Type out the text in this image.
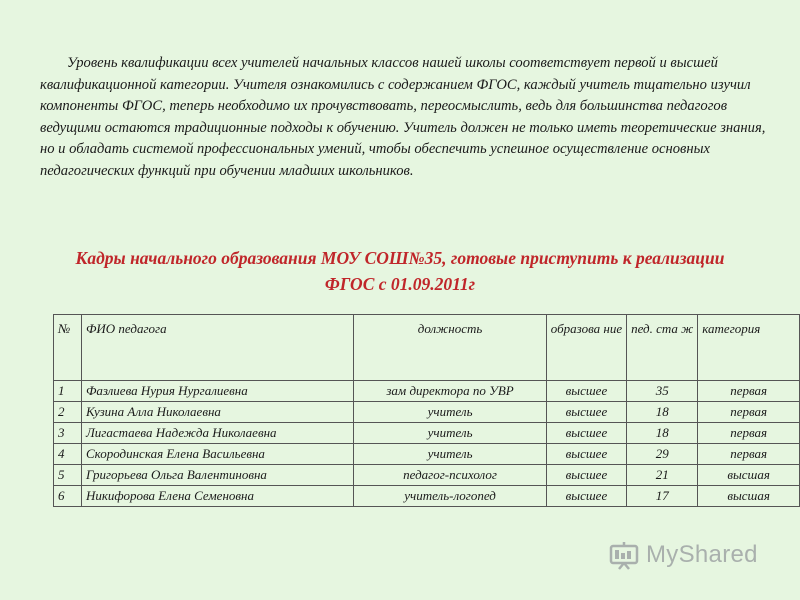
Уровень квалификации всех учителей начальных классов нашей школы соответствует первой и высшей квалификационной категории. Учителя ознакомились с содержанием ФГОС, каждый учитель тщательно изучил компоненты ФГОС, теперь необходимо их прочувствовать, переосмыслить, ведь для большинства педагогов ведущими остаются традиционные подходы к обучению. Учитель должен не только иметь теоретические знания, но и обладать системой профессиональных умений, чтобы обеспечить успешное осуществление основных педагогических функций при обучении младших школьников.

Кадры начального образования МОУ СОШ№35, готовые приступить к реализации ФГОС с 01.09.2011г
№	ФИО педагога	должность	образова ние	пед. ста ж	категория
1	Фазлиева Нурия Нургалиевна	зам директора по УВР	высшее	35	первая
2	Кузина Алла Николаевна	учитель	высшее	18	первая
3	Лигастаева Надежда Николаевна	учитель	высшее	18	первая
4	Скородинская Елена Васильевна	учитель	высшее	29	первая
5	Григорьева Ольга Валентиновна	педагог-психолог	высшее	21	высшая
6	Никифорова Елена Семеновна	учитель-логопед	высшее	17	высшая
MyShared
